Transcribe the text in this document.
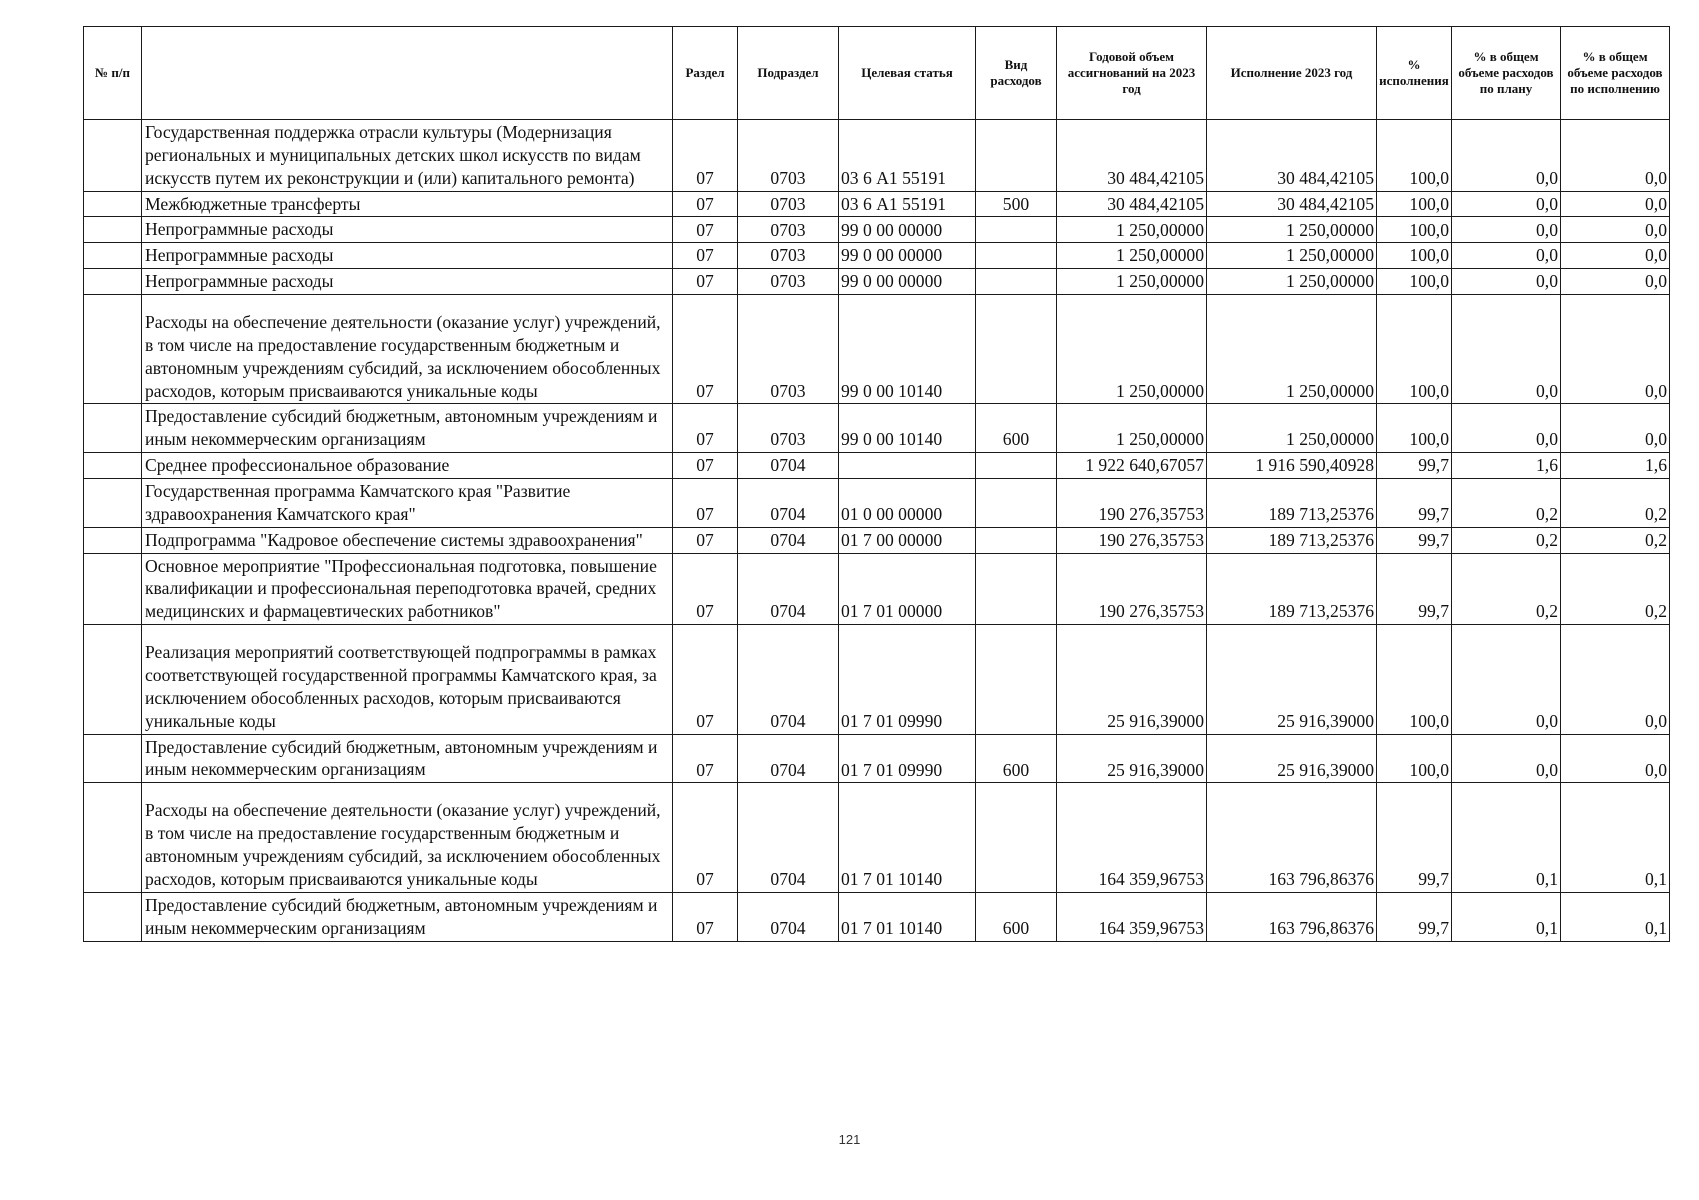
№ п/п		Раздел	Подраздел	Целевая статья	Вид расходов	Годовой объем ассигнований на 2023 год	Исполнение 2023 год	% исполнения	% в общем объеме расходов по плану	% в общем объеме расходов по исполнению
	Государственная поддержка отрасли культуры (Модернизация региональных и муниципальных детских школ искусств по видам искусств путем их реконструкции и (или) капитального ремонта)	07	0703	03 6 А1 55191		30 484,42105	30 484,42105	100,0	0,0	0,0
	Межбюджетные трансферты	07	0703	03 6 А1 55191	500	30 484,42105	30 484,42105	100,0	0,0	0,0
	Непрограммные расходы	07	0703	99 0 00 00000		1 250,00000	1 250,00000	100,0	0,0	0,0
	Непрограммные расходы	07	0703	99 0 00 00000		1 250,00000	1 250,00000	100,0	0,0	0,0
	Непрограммные расходы	07	0703	99 0 00 00000		1 250,00000	1 250,00000	100,0	0,0	0,0
	Расходы на обеспечение деятельности (оказание услуг) учреждений, в том числе на предоставление государственным бюджетным и автономным учреждениям субсидий, за исключением обособленных расходов, которым присваиваются уникальные коды	07	0703	99 0 00 10140		1 250,00000	1 250,00000	100,0	0,0	0,0
	Предоставление субсидий бюджетным, автономным учреждениям и иным некоммерческим организациям	07	0703	99 0 00 10140	600	1 250,00000	1 250,00000	100,0	0,0	0,0
	Среднее профессиональное образование	07	0704			1 922 640,67057	1 916 590,40928	99,7	1,6	1,6
	Государственная программа Камчатского края "Развитие здравоохранения Камчатского края"	07	0704	01 0 00 00000		190 276,35753	189 713,25376	99,7	0,2	0,2
	Подпрограмма "Кадровое обеспечение системы здравоохранения"	07	0704	01 7 00 00000		190 276,35753	189 713,25376	99,7	0,2	0,2
	Основное мероприятие "Профессиональная подготовка, повышение квалификации и профессиональная переподготовка врачей, средних медицинских и фармацевтических работников"	07	0704	01 7 01 00000		190 276,35753	189 713,25376	99,7	0,2	0,2
	Реализация мероприятий соответствующей подпрограммы в рамках соответствующей государственной программы Камчатского края, за исключением обособленных расходов, которым присваиваются уникальные коды	07	0704	01 7 01 09990		25 916,39000	25 916,39000	100,0	0,0	0,0
	Предоставление субсидий бюджетным, автономным учреждениям и иным некоммерческим организациям	07	0704	01 7 01 09990	600	25 916,39000	25 916,39000	100,0	0,0	0,0
	Расходы на обеспечение деятельности (оказание услуг) учреждений, в том числе на предоставление государственным бюджетным и автономным учреждениям субсидий, за исключением обособленных расходов, которым присваиваются уникальные коды	07	0704	01 7 01 10140		164 359,96753	163 796,86376	99,7	0,1	0,1
	Предоставление субсидий бюджетным, автономным учреждениям и иным некоммерческим организациям	07	0704	01 7 01 10140	600	164 359,96753	163 796,86376	99,7	0,1	0,1
121
